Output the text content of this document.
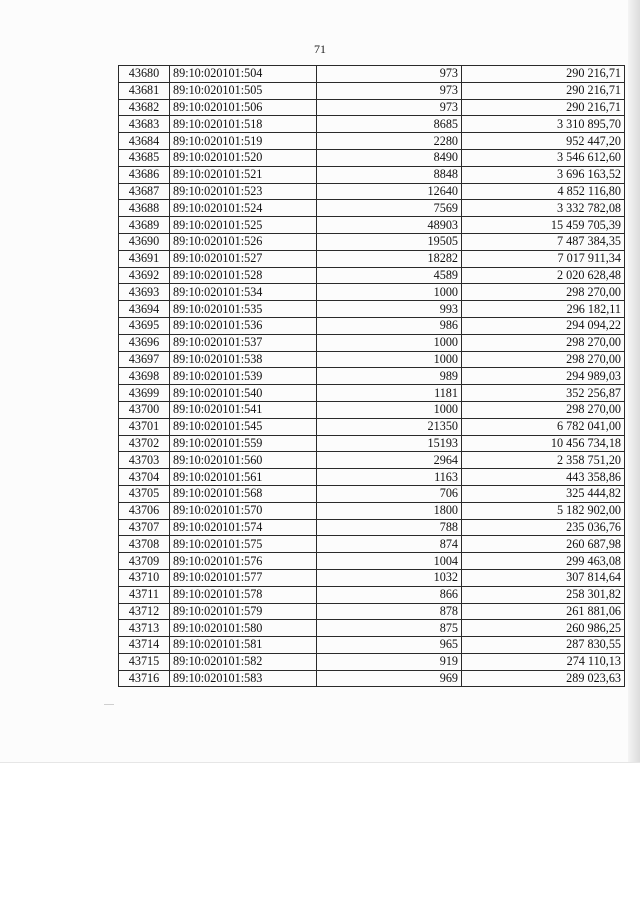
71
43680	89:10:020101:504	973	290 216,71
43681	89:10:020101:505	973	290 216,71
43682	89:10:020101:506	973	290 216,71
43683	89:10:020101:518	8685	3 310 895,70
43684	89:10:020101:519	2280	952 447,20
43685	89:10:020101:520	8490	3 546 612,60
43686	89:10:020101:521	8848	3 696 163,52
43687	89:10:020101:523	12640	4 852 116,80
43688	89:10:020101:524	7569	3 332 782,08
43689	89:10:020101:525	48903	15 459 705,39
43690	89:10:020101:526	19505	7 487 384,35
43691	89:10:020101:527	18282	7 017 911,34
43692	89:10:020101:528	4589	2 020 628,48
43693	89:10:020101:534	1000	298 270,00
43694	89:10:020101:535	993	296 182,11
43695	89:10:020101:536	986	294 094,22
43696	89:10:020101:537	1000	298 270,00
43697	89:10:020101:538	1000	298 270,00
43698	89:10:020101:539	989	294 989,03
43699	89:10:020101:540	1181	352 256,87
43700	89:10:020101:541	1000	298 270,00
43701	89:10:020101:545	21350	6 782 041,00
43702	89:10:020101:559	15193	10 456 734,18
43703	89:10:020101:560	2964	2 358 751,20
43704	89:10:020101:561	1163	443 358,86
43705	89:10:020101:568	706	325 444,82
43706	89:10:020101:570	1800	5 182 902,00
43707	89:10:020101:574	788	235 036,76
43708	89:10:020101:575	874	260 687,98
43709	89:10:020101:576	1004	299 463,08
43710	89:10:020101:577	1032	307 814,64
43711	89:10:020101:578	866	258 301,82
43712	89:10:020101:579	878	261 881,06
43713	89:10:020101:580	875	260 986,25
43714	89:10:020101:581	965	287 830,55
43715	89:10:020101:582	919	274 110,13
43716	89:10:020101:583	969	289 023,63
